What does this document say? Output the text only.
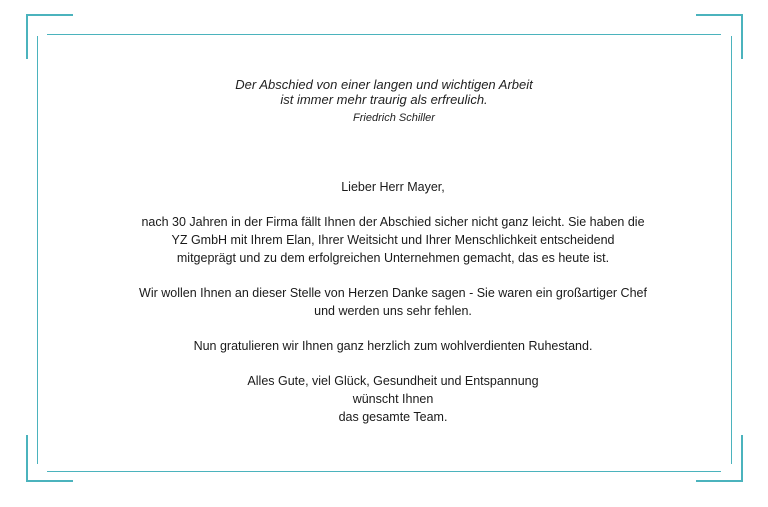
Der Abschied von einer langen und wichtigen Arbeit
ist immer mehr traurig als erfreulich.
Friedrich Schiller

Lieber Herr Mayer,

nach 30 Jahren in der Firma fällt Ihnen der Abschied sicher nicht ganz leicht. Sie haben die
YZ GmbH mit Ihrem Elan, Ihrer Weitsicht und Ihrer Menschlichkeit entscheidend
mitgeprägt und zu dem erfolgreichen Unternehmen gemacht, das es heute ist.

Wir wollen Ihnen an dieser Stelle von Herzen Danke sagen - Sie waren ein großartiger Chef
und werden uns sehr fehlen.

Nun gratulieren wir Ihnen ganz herzlich zum wohlverdienten Ruhestand.

Alles Gute, viel Glück, Gesundheit und Entspannung
wünscht Ihnen
das gesamte Team.
